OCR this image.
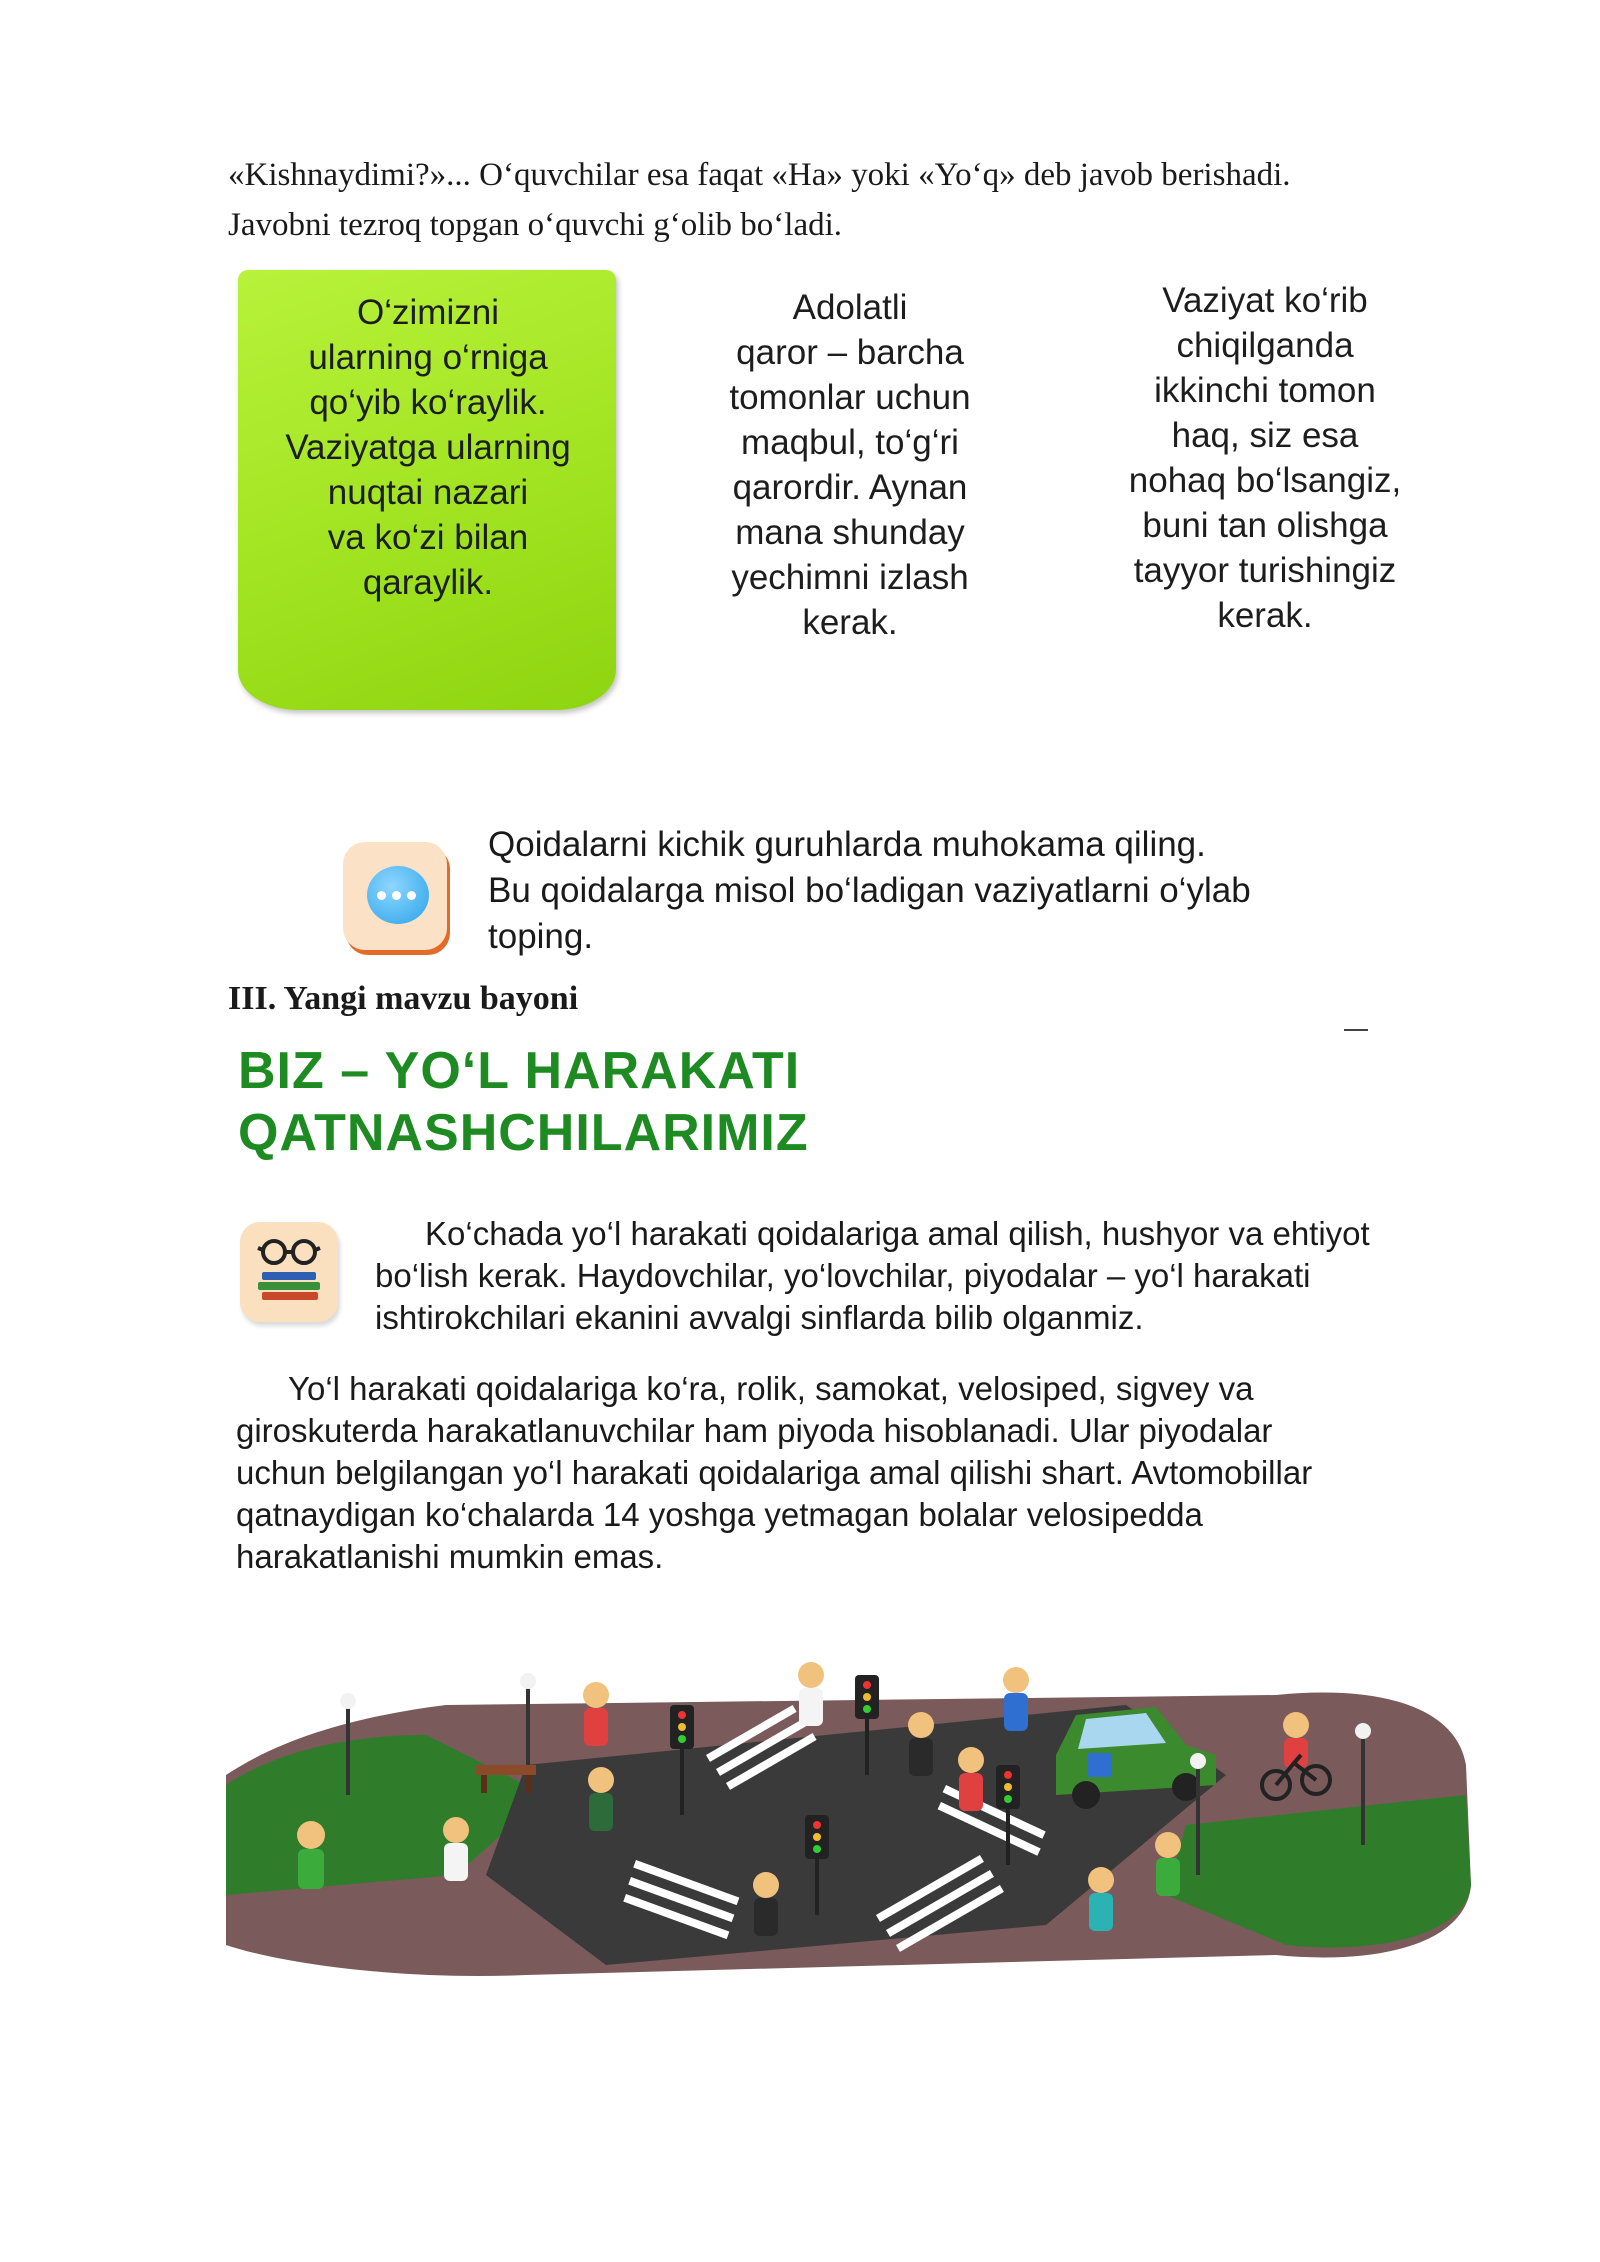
«Kishnaydimi?»... O‘quvchilar esa faqat «Ha» yoki «Yo‘q» deb javob berishadi.

Javobni tezroq topgan o‘quvchi g‘olib bo‘ladi.

O‘zimizni
ularning o‘rniga
qo‘yib ko‘raylik.
Vaziyatga ularning
nuqtai nazari
va ko‘zi bilan
qaraylik.
Adolatli
qaror – barcha
tomonlar uchun
maqbul, to‘g‘ri
qarordir. Aynan
mana shunday
yechimni izlash
kerak.
Vaziyat ko‘rib
chiqilganda
ikkinchi tomon
haq, siz esa
nohaq bo‘lsangiz,
buni tan olishga
tayyor turishingiz
kerak.
Qoidalarni kichik guruhlarda muhokama qiling.
Bu qoidalarga misol bo‘ladigan vaziyatlarni o‘ylab
toping.
III. Yangi mavzu bayoni
BIZ – YO‘L HARAKATI
QATNASHCHILARIMIZ
Ko‘chada yo‘l harakati qoidalariga amal qilish, hushyor va ehtiyot
bo‘lish kerak. Haydovchilar, yo‘lovchilar, piyodalar – yo‘l harakati
ishtirokchilari ekanini avvalgi sinflarda bilib olganmiz.
Yo‘l harakati qoidalariga ko‘ra, rolik, samokat, velosiped, sigvey va
giroskuterda harakatlanuvchilar ham piyoda hisoblanadi. Ular piyodalar
uchun belgilangan yo‘l harakati qoidalariga amal qilishi shart. Avtomobillar
qatnaydigan ko‘chalarda 14 yoshga yetmagan bolalar velosipedda
harakatlanishi mumkin emas.
